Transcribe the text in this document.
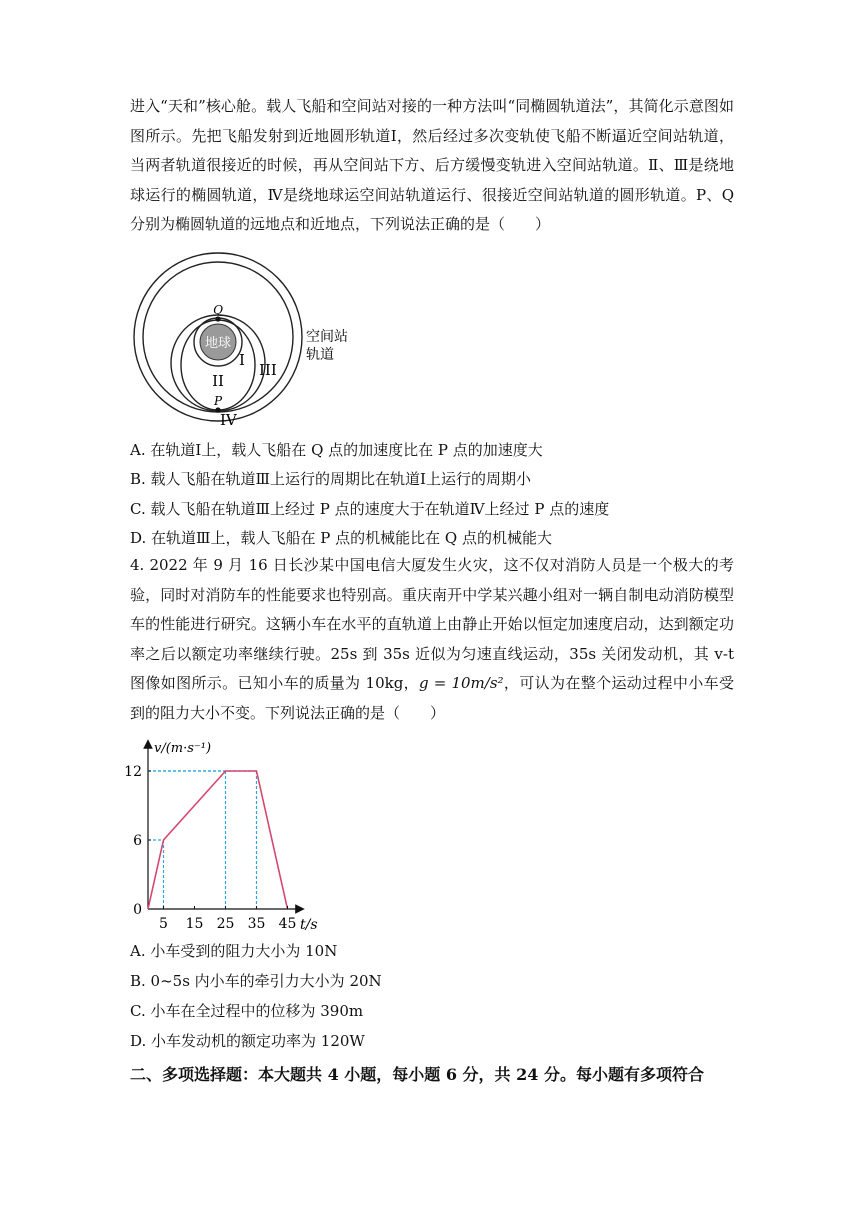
进入“天和”核心舱。载人飞船和空间站对接的一种方法叫“同椭圆轨道法”，其简化示意图如图所示。先把飞船发射到近地圆形轨道Ⅰ，然后经过多次变轨使飞船不断逼近空间站轨道，当两者轨道很接近的时候，再从空间站下方、后方缓慢变轨进入空间站轨道。Ⅱ、Ⅲ是绕地球运行的椭圆轨道，Ⅳ是绕地球运空间站轨道运行、很接近空间站轨道的圆形轨道。P、Q 分别为椭圆轨道的远地点和近地点，下列说法正确的是（　　）
地球
Q
P
I
II
III
IV
空间站
轨道
A. 在轨道Ⅰ上，载人飞船在 Q 点的加速度比在 P 点的加速度大
B. 载人飞船在轨道Ⅲ上运行的周期比在轨道Ⅰ上运行的周期小
C. 载人飞船在轨道Ⅲ上经过 P 点的速度大于在轨道Ⅳ上经过 P 点的速度
D. 在轨道Ⅲ上，载人飞船在 P 点的机械能比在 Q 点的机械能大
4. 2022 年 9 月 16 日长沙某中国电信大厦发生火灾，这不仅对消防人员是一个极大的考验，同时对消防车的性能要求也特别高。重庆南开中学某兴趣小组对一辆自制电动消防模型车的性能进行研究。这辆小车在水平的直轨道上由静止开始以恒定加速度启动，达到额定功率之后以额定功率继续行驶。25s 到 35s 近似为匀速直线运动，35s 关闭发动机，其 v-t 图像如图所示。已知小车的质量为 10kg，g = 10m/s²，可认为在整个运动过程中小车受到的阻力大小不变。下列说法正确的是（　　）
5 15 25 35 45
6
12
0
v/(m·s⁻¹)
t/s
A. 小车受到的阻力大小为 10N
B. 0~5s 内小车的牵引力大小为 20N
C. 小车在全过程中的位移为 390m
D. 小车发动机的额定功率为 120W
二、多项选择题：本大题共 4 小题，每小题 6 分，共 24 分。每小题有多项符合
